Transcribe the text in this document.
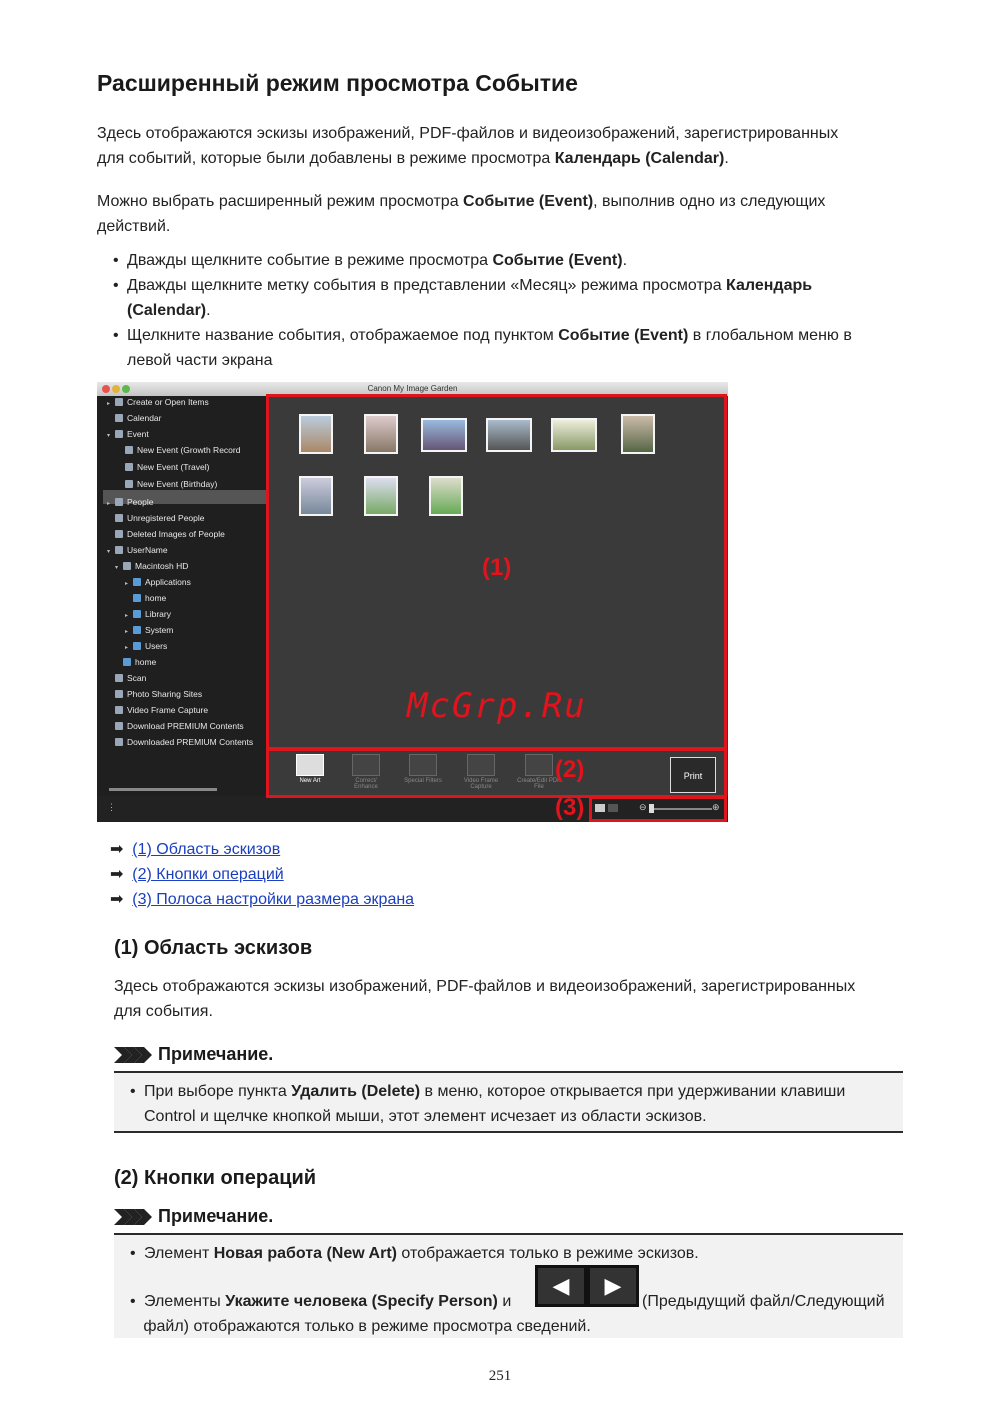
Расширенный режим просмотра Событие
Здесь отображаются эскизы изображений, PDF-файлов и видеоизображений, зарегистрированных
для событий, которые были добавлены в режиме просмотра Календарь (Calendar).
Можно выбрать расширенный режим просмотра Событие (Event), выполнив одно из следующих
действий.
• Дважды щелкните событие в режиме просмотра Событие (Event).
• Дважды щелкните метку события в представлении «Месяц» режима просмотра Календарь
(Calendar).
• Щелкните название события, отображаемое под пунктом Событие (Event) в глобальном меню в
левой части экрана
Canon My Image Garden
▸ Create or Open Items
Calendar
▾ Event
New Event (Growth Record
New Event (Travel)
New Event (Birthday)
▸ People
Unregistered People
Deleted Images of People
▾ UserName
▾ Macintosh HD
▸ Applications
home
▸ Library
▸ System
▸ Users
home
Scan
Photo Sharing Sites
Video Frame Capture
Download PREMIUM Contents
Downloaded PREMIUM Contents
McGrp.Ru
New Art	Correct/ Enhance
Special Filters	Video Frame Capture
Create/Edit PDF File
Print
⋮	⊖	⊕
(1)
(2)
(3)
➡ (1) Область эскизов
➡ (2) Кнопки операций
➡ (3) Полоса настройки размера экрана
(1) Область эскизов
Здесь отображаются эскизы изображений, PDF-файлов и видеоизображений, зарегистрированных
для события.
Примечание.
• При выборе пункта Удалить (Delete) в меню, которое открывается при удерживании клавиши
Control и щелчке кнопкой мыши, этот элемент исчезает из области эскизов.
(2) Кнопки операций
Примечание.
• Элемент Новая работа (New Art) отображается только в режиме эскизов.
• Элементы Укажите человека (Specify Person) и
файл) отображаются только в режиме просмотра сведений.
◀	▶
(Предыдущий файл/Следующий
251
